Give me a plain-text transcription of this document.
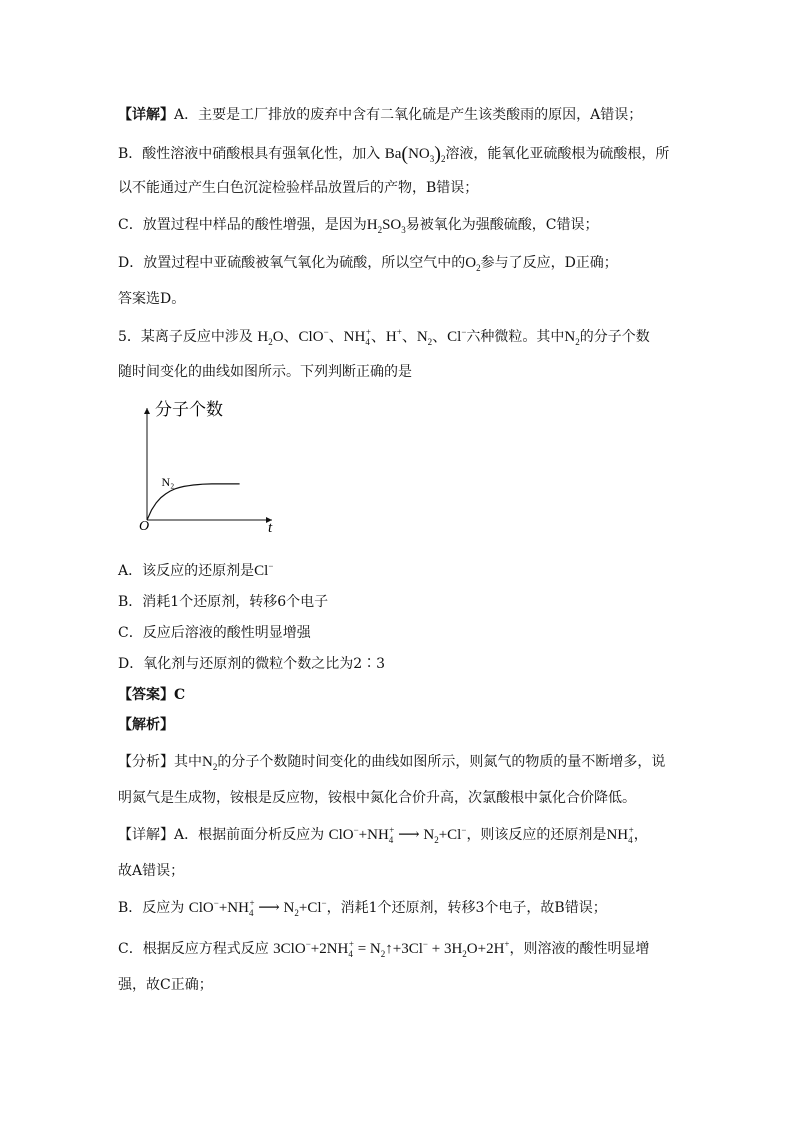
【详解】A．主要是工厂排放的废弃中含有二氧化硫是产生该类酸雨的原因，A错误；
B．酸性溶液中硝酸根具有强氧化性，加入 $Ba(NO_3)_2$溶液，能氧化亚硫酸根为硫酸根，所
以不能通过产生白色沉淀检验样品放置后的产物，B错误；
C．放置过程中样品的酸性增强，是因为$H_2SO_3$易被氧化为强酸硫酸，C错误；
D．放置过程中亚硫酸被氧气氧化为硫酸，所以空气中的$O_2$参与了反应，D正确；
答案选D。
5．某离子反应中涉及 $H_2O$、ClO−、$NH_4^+$、H+、$N_2$、Cl−六种微粒。其中$N_2$的分子个数
随时间变化的曲线如图所示。下列判断正确的是
分子个数
t
O
N₂
A．该反应的还原剂是Cl−
B．消耗1个还原剂，转移6个电子
C．反应后溶液的酸性明显增强
D．氧化剂与还原剂的微粒个数之比为2∶3
【答案】C
【解析】
【分析】其中$N_2$的分子个数随时间变化的曲线如图所示，则氮气的物质的量不断增多，说
明氮气是生成物，铵根是反应物，铵根中氮化合价升高，次氯酸根中氯化合价降低。
【详解】A．根据前面分析反应为 $ClO^-+NH_4^+$ ⟶ $N_2+Cl^-$，则该反应的还原剂是$NH_4^+$，
故A错误；
B．反应为 $ClO^-+NH_4^+$ ⟶ $N_2+Cl^-$，消耗1个还原剂，转移3个电子，故B错误；
C．根据反应方程式反应 $3ClO^-+2NH_4^+$ = $N_2↑+3Cl^- + 3H_2O+2H^+$，则溶液的酸性明显增
强，故C正确；
